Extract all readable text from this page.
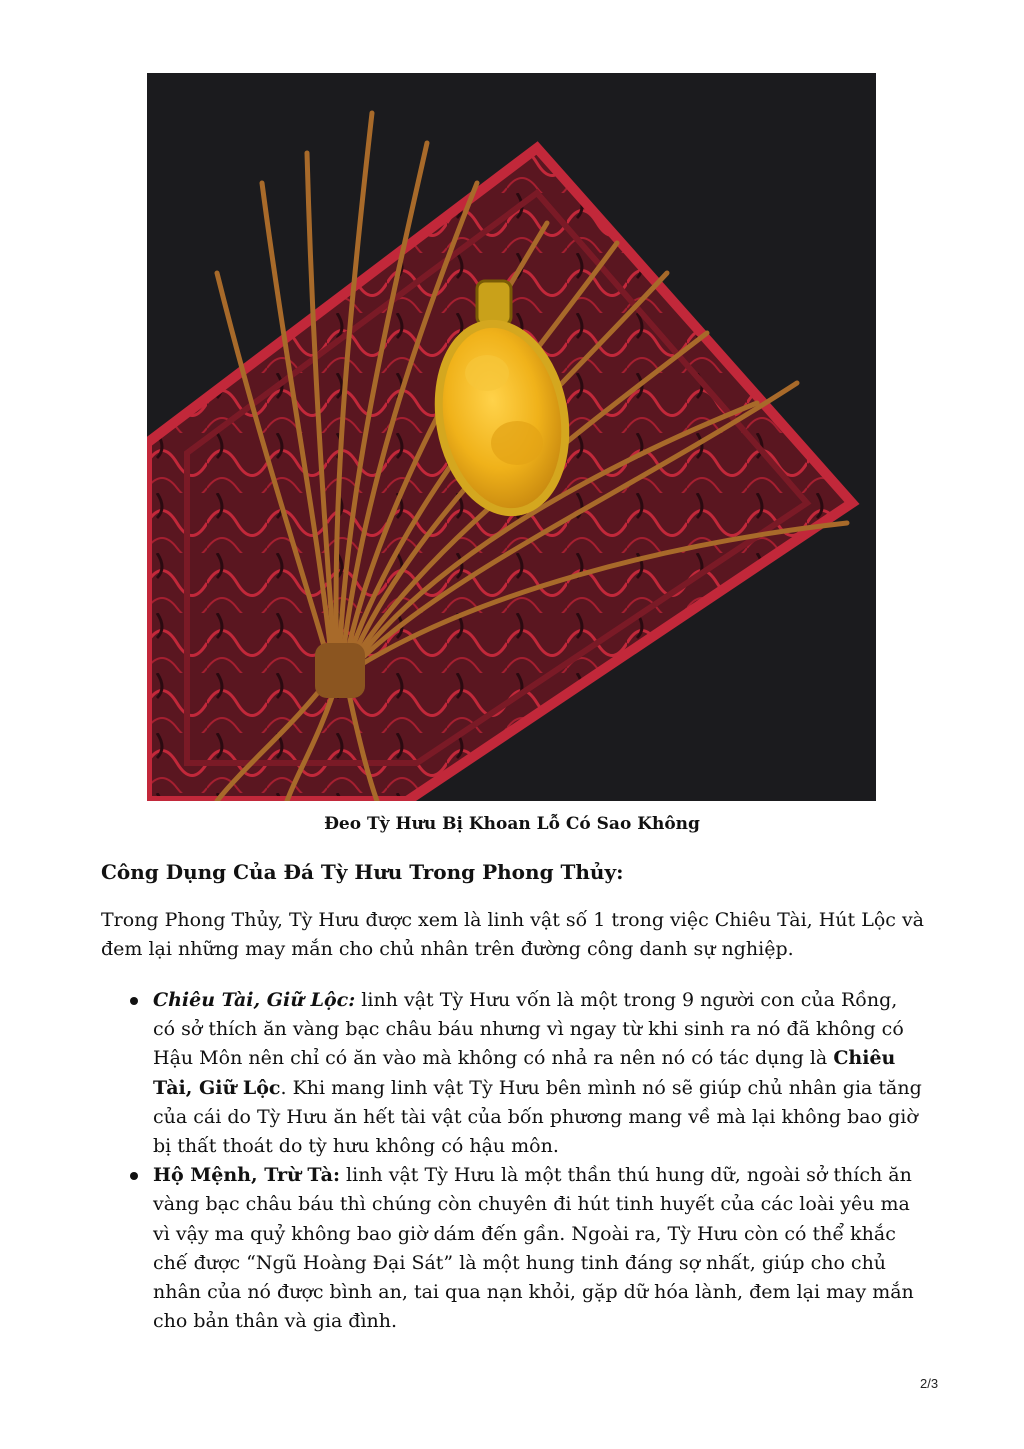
Đeo Tỳ Hưu Bị Khoan Lỗ Có Sao Không
Công Dụng Của Đá Tỳ Hưu Trong Phong Thủy:

Trong Phong Thủy, Tỳ Hưu được xem là linh vật số 1 trong việc Chiêu Tài, Hút Lộc và đem lại những may mắn cho chủ nhân trên đường công danh sự nghiệp.

Chiêu Tài, Giữ Lộc: linh vật Tỳ Hưu vốn là một trong 9 người con của Rồng, có sở thích ăn vàng bạc châu báu nhưng vì ngay từ khi sinh ra nó đã không có Hậu Môn nên chỉ có ăn vào mà không có nhả ra nên nó có tác dụng là Chiêu Tài, Giữ Lộc. Khi mang linh vật Tỳ Hưu bên mình nó sẽ giúp chủ nhân gia tăng của cái do Tỳ Hưu ăn hết tài vật của bốn phương mang về mà lại không bao giờ bị thất thoát do tỳ hưu không có hậu môn.
Hộ Mệnh, Trừ Tà: linh vật Tỳ Hưu là một thần thú hung dữ, ngoài sở thích ăn vàng bạc châu báu thì chúng còn chuyên đi hút tinh huyết của các loài yêu ma vì vậy ma quỷ không bao giờ dám đến gần. Ngoài ra, Tỳ Hưu còn có thể khắc chế được “Ngũ Hoàng Đại Sát” là một hung tinh đáng sợ nhất, giúp cho chủ nhân của nó được bình an, tai qua nạn khỏi, gặp dữ hóa lành, đem lại may mắn cho bản thân và gia đình.
2/3
